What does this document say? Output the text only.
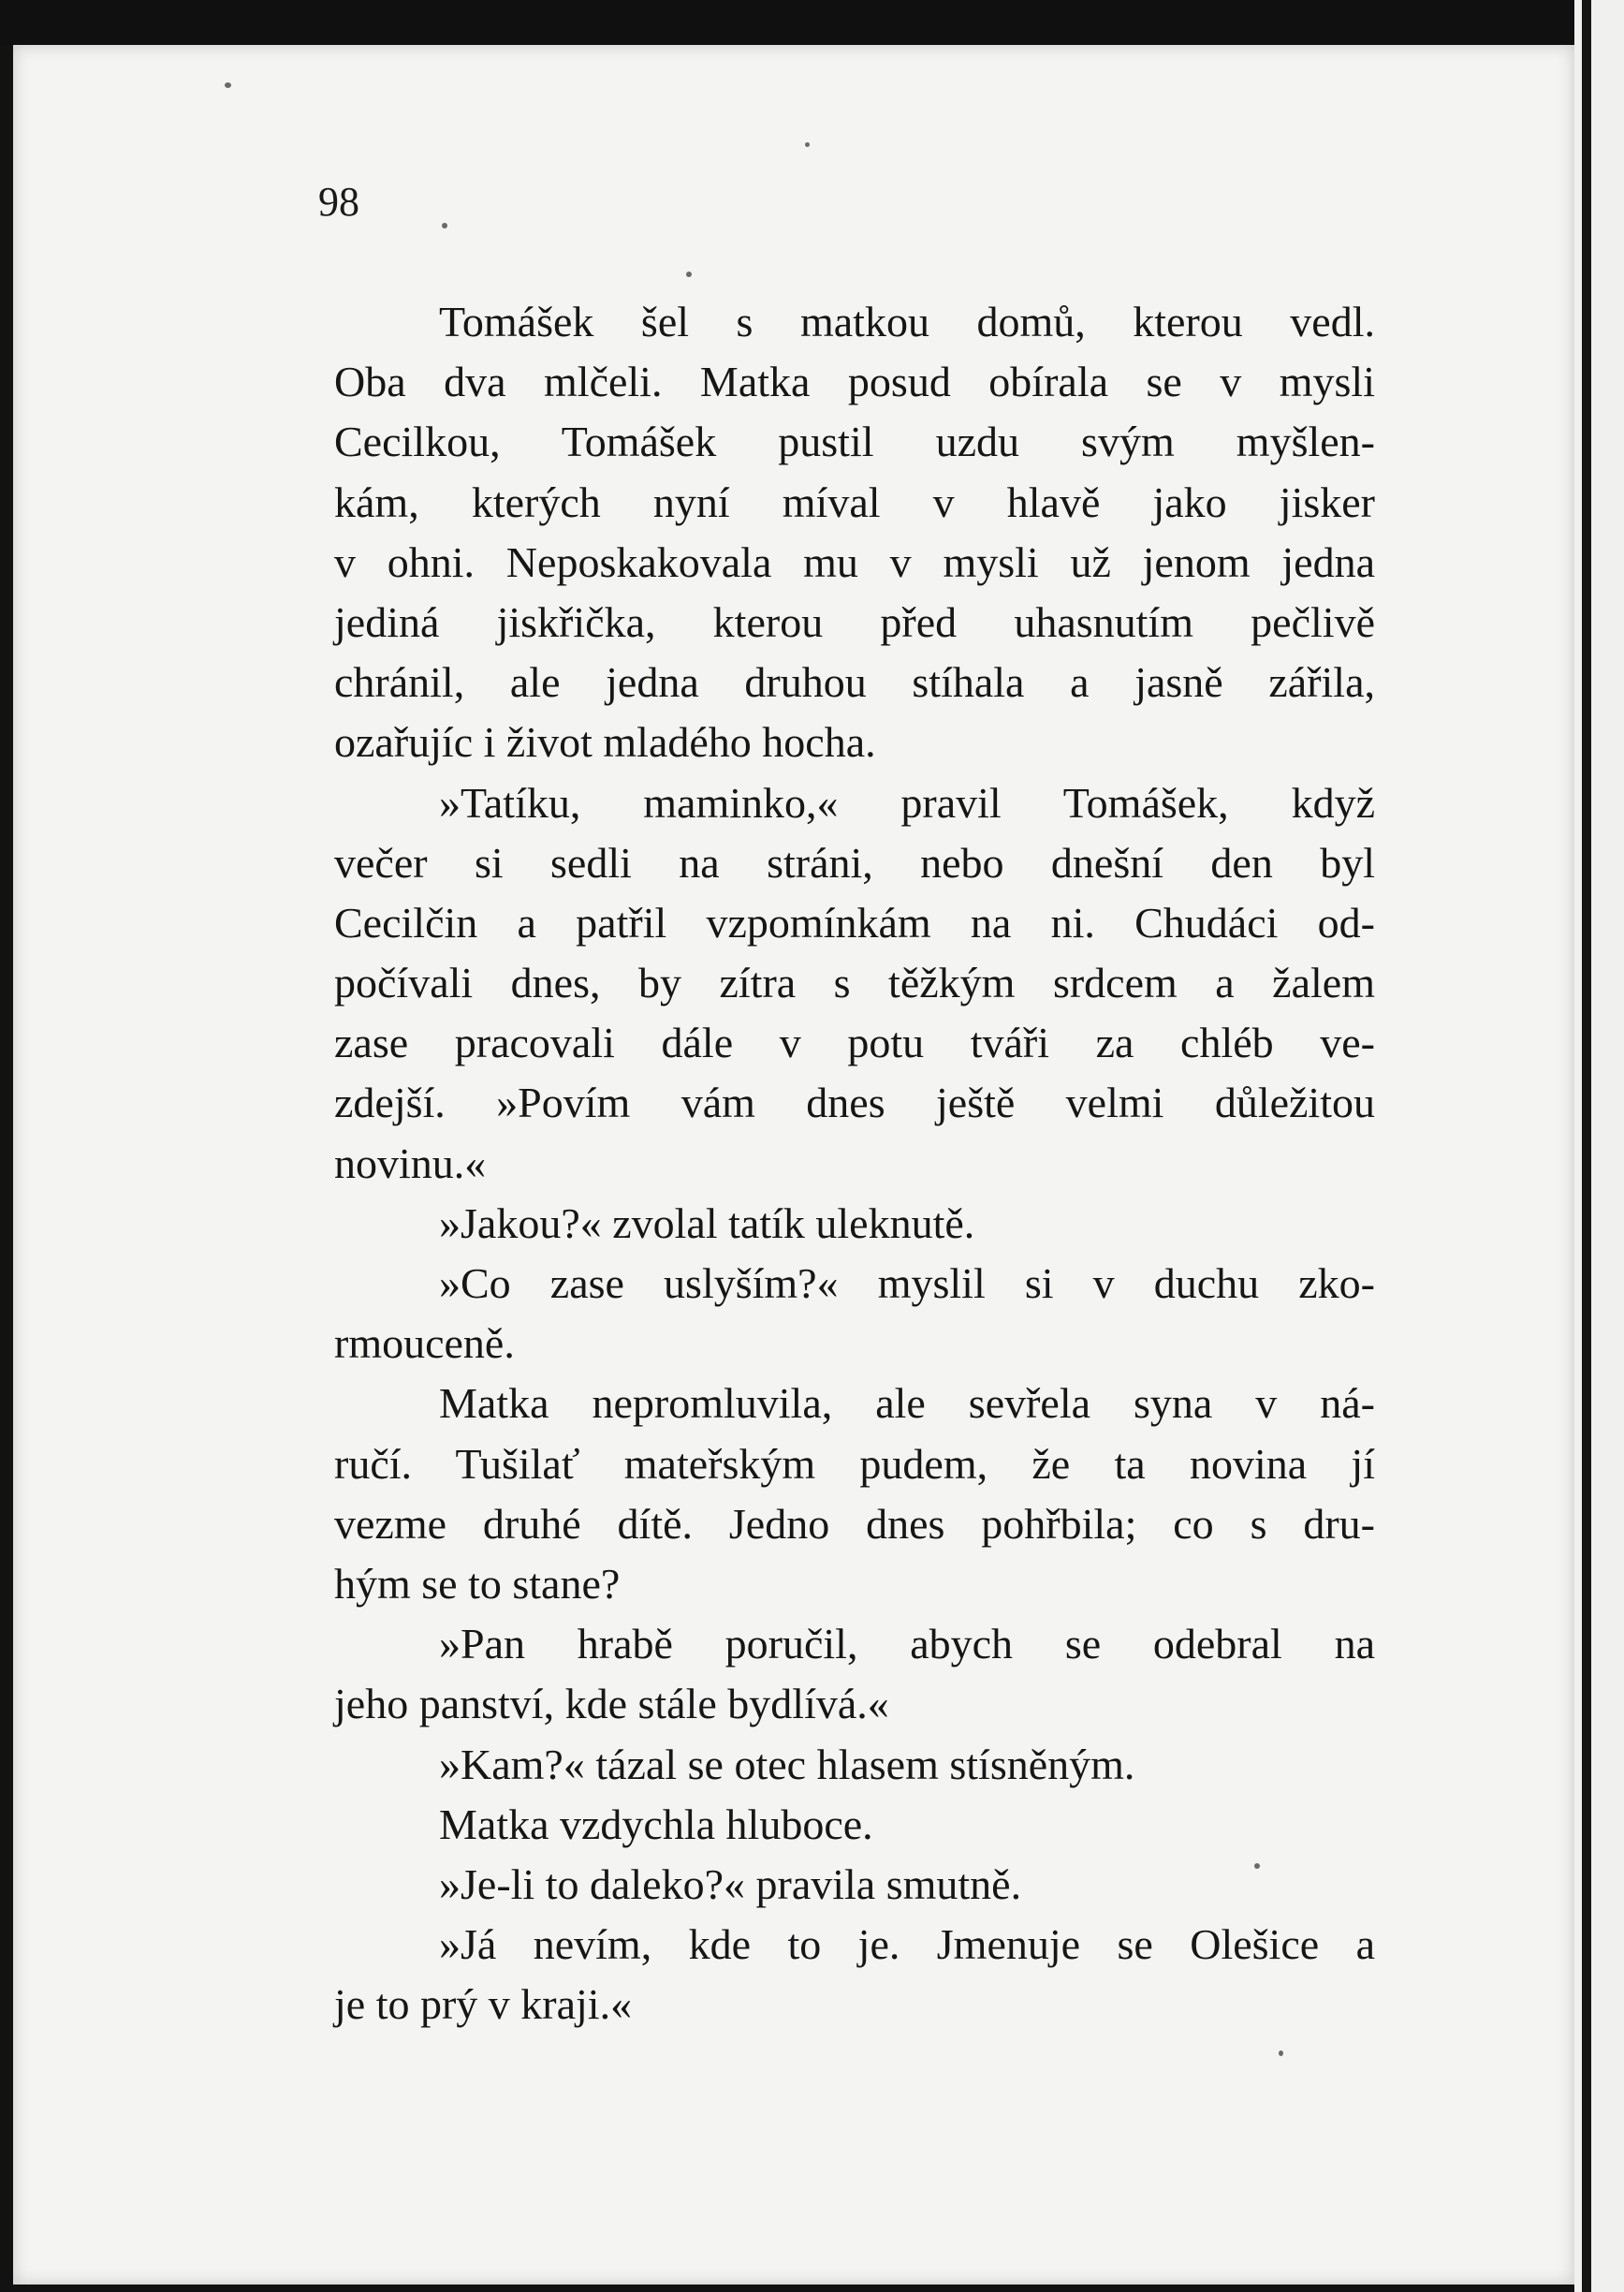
98
Tomášek šel s matkou domů, kterou vedl.
Oba dva mlčeli. Matka posud obírala se v mysli
Cecilkou, Tomášek pustil uzdu svým myšlen-
kám, kterých nyní míval v hlavě jako jisker
v ohni. Neposkakovala mu v mysli už jenom jedna
jediná jiskřička, kterou před uhasnutím pečlivě
chránil, ale jedna druhou stíhala a jasně zářila,
ozařujíc i život mladého hocha.
»Tatíku, maminko,« pravil Tomášek, když
večer si sedli na stráni, nebo dnešní den byl
Cecilčin a patřil vzpomínkám na ni. Chudáci od-
počívali dnes, by zítra s těžkým srdcem a žalem
zase pracovali dále v potu tváři za chléb ve-
zdejší. »Povím vám dnes ještě velmi důležitou
novinu.«
»Jakou?« zvolal tatík uleknutě.
»Co zase uslyším?« myslil si v duchu zko-
rmouceně.
Matka nepromluvila, ale sevřela syna v ná-
ručí. Tušilať mateřským pudem, že ta novina jí
vezme druhé dítě. Jedno dnes pohřbila; co s dru-
hým se to stane?
»Pan hrabě poručil, abych se odebral na
jeho panství, kde stále bydlívá.«
»Kam?« tázal se otec hlasem stísněným.
Matka vzdychla hluboce.
»Je-li to daleko?« pravila smutně.
»Já nevím, kde to je. Jmenuje se Olešice a
je to prý v kraji.«
